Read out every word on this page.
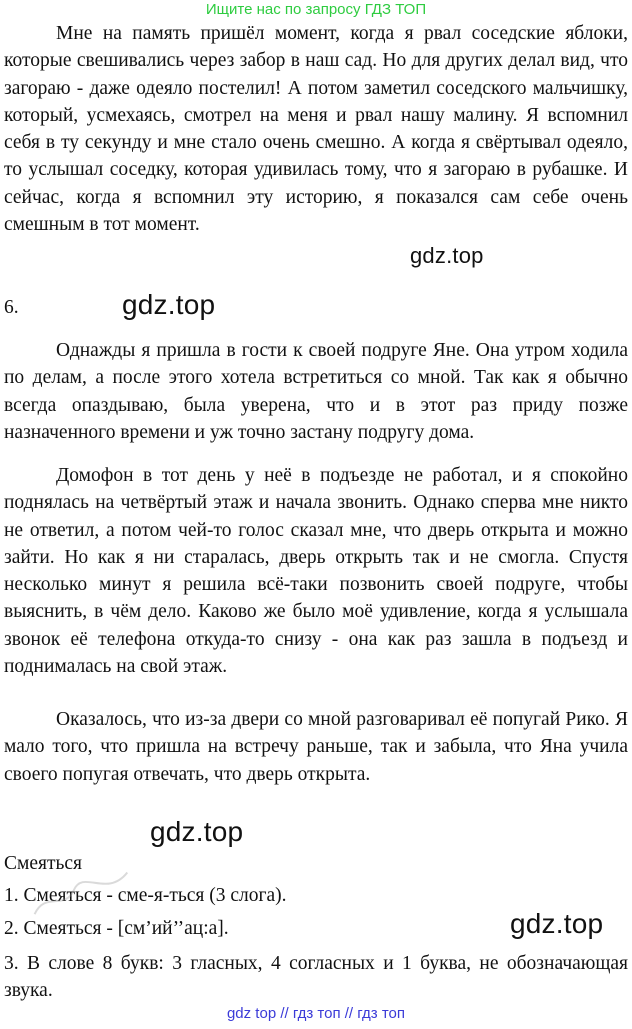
Ищите нас по запросу ГДЗ ТОП

Мне на память пришёл момент, когда я рвал соседские яблоки, которые свешивались через забор в наш сад. Но для других делал вид, что загораю - даже одеяло постелил! А потом заметил соседского мальчишку, который, усмехаясь, смотрел на меня и рвал нашу малину. Я вспомнил себя в ту секунду и мне стало очень смешно. А когда я свёртывал одеяло, то услышал соседку, которая удивилась тому, что я загораю в рубашке. И сейчас, когда я вспомнил эту историю, я показался сам себе очень смешным в тот момент.

gdz.top
6.	gdz.top

Однажды я пришла в гости к своей подруге Яне. Она утром ходила по делам, а после этого хотела встретиться со мной. Так как я обычно всегда опаздываю, была уверена, что и в этот раз приду позже назначенного времени и уж точно застану подругу дома.

Домофон в тот день у неё в подъезде не работал, и я спокойно поднялась на четвёртый этаж и начала звонить. Однако сперва мне никто не ответил, а потом чей-то голос сказал мне, что дверь открыта и можно зайти. Но как я ни старалась, дверь открыть так и не смогла. Спустя несколько минут я решила всё-таки позвонить своей подруге, чтобы выяснить, в чём дело. Каково же было моё удивление, когда я услышала звонок её телефона откуда-то снизу - она как раз зашла в подъезд и поднималась на свой этаж.

Оказалось, что из-за двери со мной разговаривал её попугай Рико. Я мало того, что пришла на встречу раньше, так и забыла, что Яна учила своего попугая отвечать, что дверь открыта.

gdz.top
Смеяться
1. Смеяться - сме-я-ться (3 слога).
2. Смеяться - [см’ий’’ац:а].	gdz.top
3. В слове 8 букв: 3 гласных, 4 согласных и 1 буква, не обозначающая звука.
gdz top // гдз топ // гдз топ
